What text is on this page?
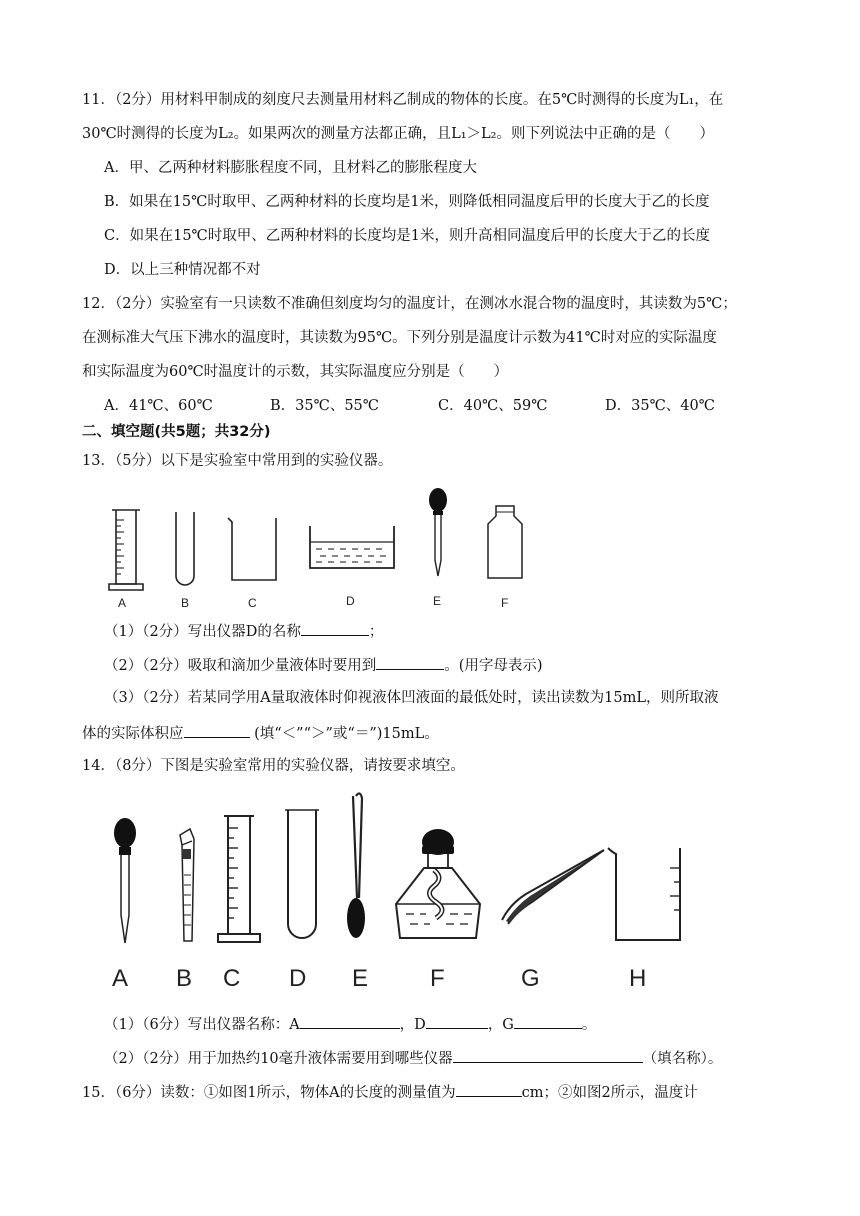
11．（2分）用材料甲制成的刻度尺去测量用材料乙制成的物体的长度。在5℃时测得的长度为L₁，在
30℃时测得的长度为L₂。如果两次的测量方法都正确，且L₁＞L₂。则下列说法中正确的是（　　）
A．甲、乙两种材料膨胀程度不同，且材料乙的膨胀程度大
B．如果在15℃时取甲、乙两种材料的长度均是1米，则降低相同温度后甲的长度大于乙的长度
C．如果在15℃时取甲、乙两种材料的长度均是1米，则升高相同温度后甲的长度大于乙的长度
D．以上三种情况都不对
12．（2分）实验室有一只读数不准确但刻度均匀的温度计，在测冰水混合物的温度时，其读数为5℃；
在测标准大气压下沸水的温度时，其读数为95℃。下列分别是温度计示数为41℃时对应的实际温度
和实际温度为60℃时温度计的示数，其实际温度应分别是（　　）
A．41℃、60℃	B．35℃、55℃	C．40℃、59℃	D．35℃、40℃
二、填空题(共5题；共32分)
13．（5分）以下是实验室中常用到的实验仪器。
A	B	C	D	E	F
（1）（2分）写出仪器D的名称	；
（2）（2分）吸取和滴加少量液体时要用到	。(用字母表示)
（3）（2分）若某同学用A量取液体时仰视液体凹液面的最低处时，读出读数为15mL，则所取液
体的实际体积应	(填“＜”“＞”或“＝”)15mL。
14．（8分）下图是实验室常用的实验仪器，请按要求填空。
A B C D E	F	G	H
（1）（6分）写出仪器名称：A	，D	，G	。
（2）（2分）用于加热约10毫升液体需要用到哪些仪器	（填名称）。
15．（6分）读数：①如图1所示，物体A的长度的测量值为	cm；②如图2所示，温度计
